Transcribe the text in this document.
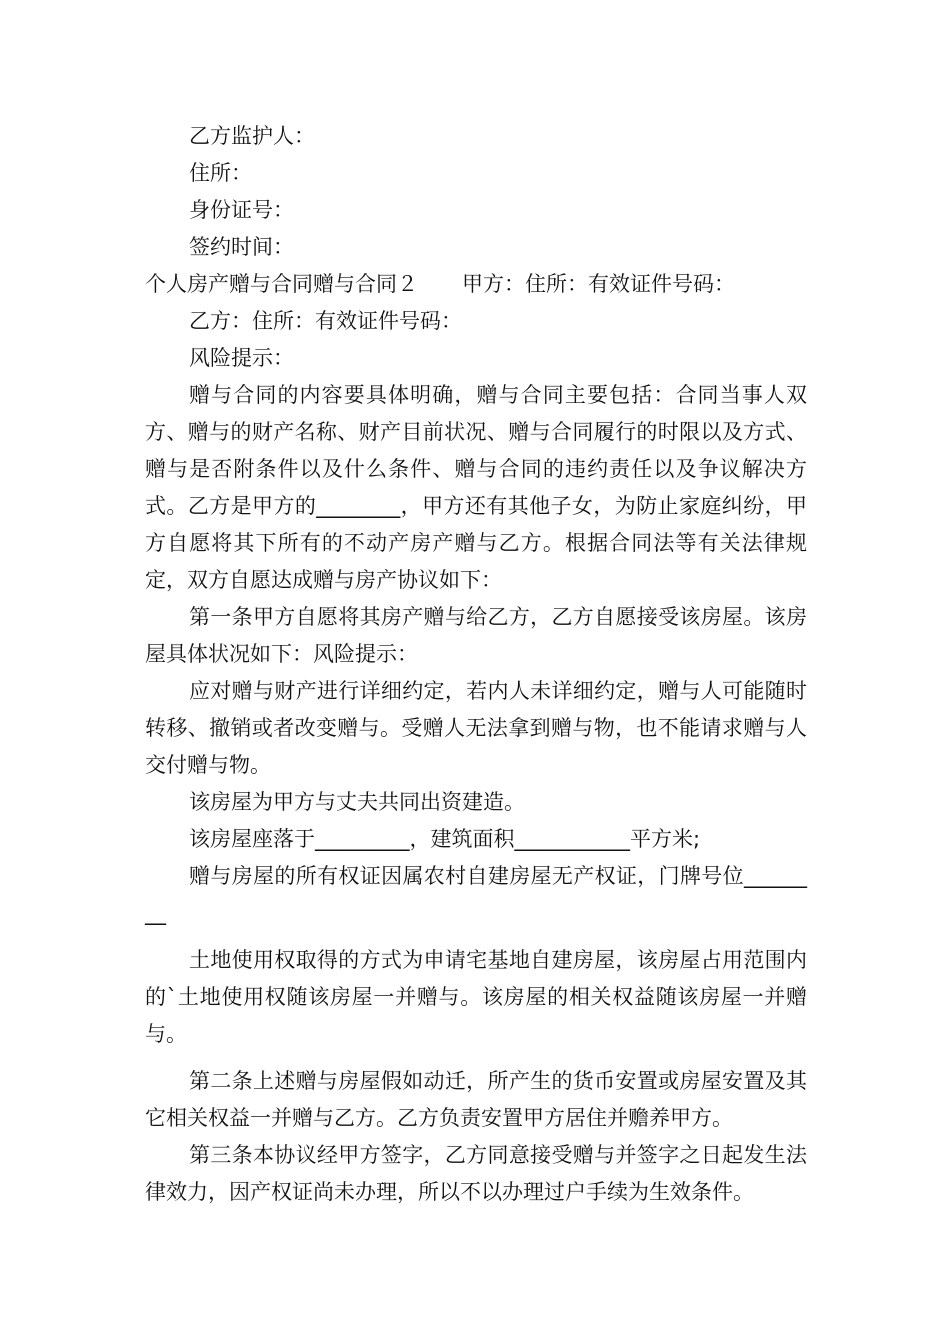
乙方监护人：

住所：

身份证号：

签约时间：

个人房产赠与合同赠与合同２ 甲方：住所：有效证件号码：

乙方：住所：有效证件号码：

风险提示：

赠与合同的内容要具体明确，赠与合同主要包括：合同当事人双方、赠与的财产名称、财产目前状况、赠与合同履行的时限以及方式、赠与是否附条件以及什么条件、赠与合同的违约责任以及争议解决方式。乙方是甲方的________，甲方还有其他子女，为防止家庭纠纷，甲方自愿将其下所有的不动产房产赠与乙方。根据合同法等有关法律规定，双方自愿达成赠与房产协议如下：

第一条甲方自愿将其房产赠与给乙方，乙方自愿接受该房屋。该房屋具体状况如下：风险提示：

应对赠与财产进行详细约定，若内人未详细约定，赠与人可能随时转移、撤销或者改变赠与。受赠人无法拿到赠与物，也不能请求赠与人交付赠与物。

该房屋为甲方与丈夫共同出资建造。

该房屋座落于_________，建筑面积___________平方米;

赠与房屋的所有权证因属农村自建房屋无产权证，门牌号位________

土地使用权取得的方式为申请宅基地自建房屋，该房屋占用范围内的`土地使用权随该房屋一并赠与。该房屋的相关权益随该房屋一并赠与。

第二条上述赠与房屋假如动迁，所产生的货币安置或房屋安置及其它相关权益一并赠与乙方。乙方负责安置甲方居住并赡养甲方。

第三条本协议经甲方签字，乙方同意接受赠与并签字之日起发生法律效力，因产权证尚未办理，所以不以办理过户手续为生效条件。
